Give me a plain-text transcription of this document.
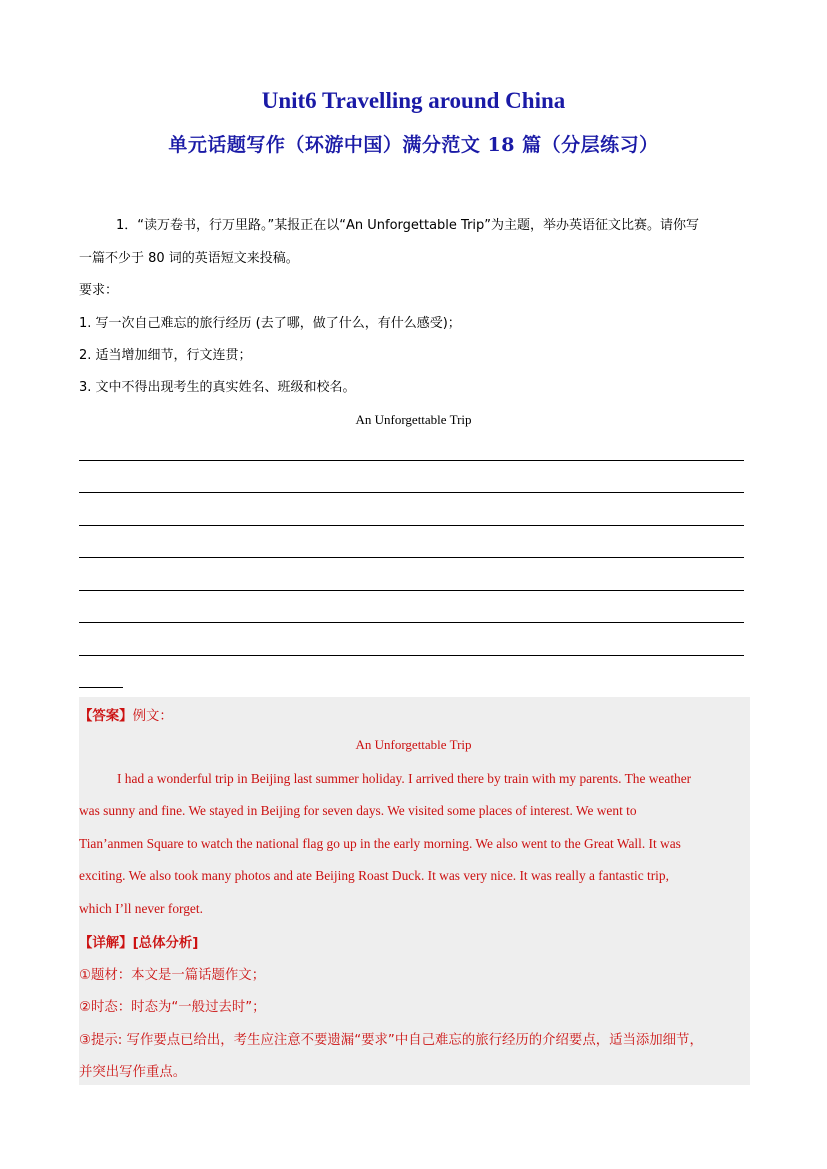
Unit6 Travelling around China
单元话题写作（环游中国）满分范文 18 篇（分层练习）
1．“读万卷书，行万里路。”某报正在以“An Unforgettable Trip”为主题，举办英语征文比赛。请你写
一篇不少于 80 词的英语短文来投稿。
要求：
1. 写一次自己难忘的旅行经历 (去了哪，做了什么，有什么感受)；
2. 适当增加细节，行文连贯；
3. 文中不得出现考生的真实姓名、班级和校名。
An Unforgettable Trip
【答案】例文：
An Unforgettable Trip
I had a wonderful trip in Beijing last summer holiday. I arrived there by train with my parents. The weather
was sunny and fine. We stayed in Beijing for seven days. We visited some places of interest. We went to
Tian’anmen Square to watch the national flag go up in the early morning. We also went to the Great Wall. It was
exciting. We also took many photos and ate Beijing Roast Duck. It was very nice. It was really a fantastic trip,
which I’ll never forget.
【详解】[总体分析]
①题材：本文是一篇话题作文；
②时态：时态为“一般过去时”；
③提示: 写作要点已给出，考生应注意不要遗漏“要求”中自己难忘的旅行经历的介绍要点，适当添加细节，
并突出写作重点。
